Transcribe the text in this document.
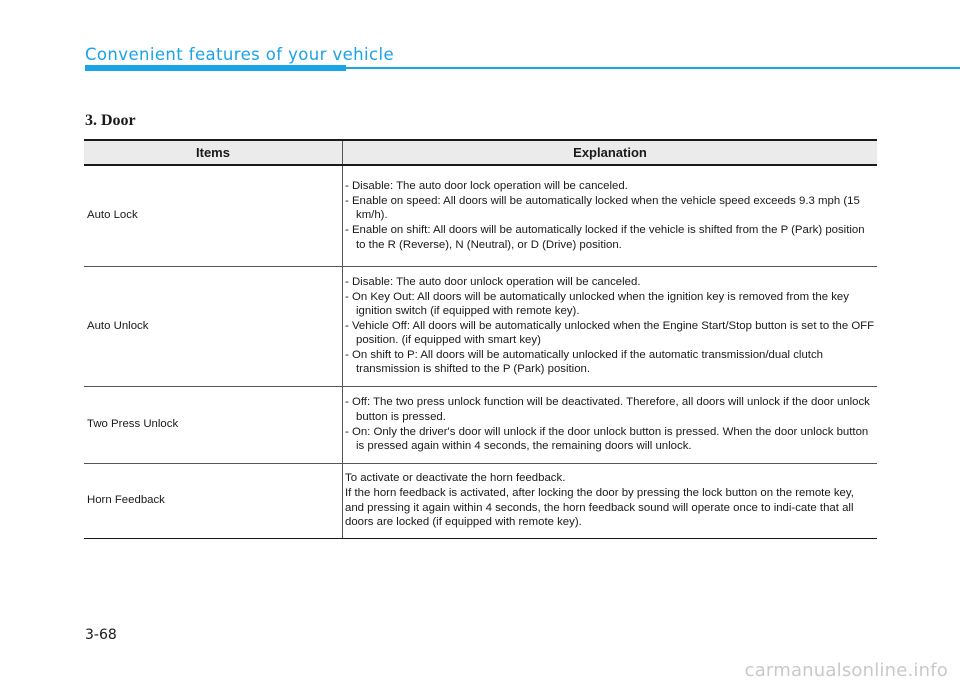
Convenient features of your vehicle
3. Door
Items	Explanation
Auto Lock	- Disable: The auto door lock operation will be canceled.
- Enable on speed: All doors will be automatically locked when the vehicle speed exceeds 9.3 mph (15 km/h).
- Enable on shift: All doors will be automatically locked if the vehicle is shifted from the P (Park) position to the R (Reverse), N (Neutral), or D (Drive) position.

Auto Unlock	- Disable: The auto door unlock operation will be canceled.
- On Key Out: All doors will be automatically unlocked when the ignition key is removed from the key ignition switch (if equipped with remote key).
- Vehicle Off: All doors will be automatically unlocked when the Engine Start/Stop button is set to the OFF position. (if equipped with smart key)
- On shift to P: All doors will be automatically unlocked if the automatic transmission/dual clutch transmission is shifted to the P (Park) position.

Two Press Unlock	- Off: The two press unlock function will be deactivated. Therefore, all doors will unlock if the door unlock button is pressed.
- On: Only the driver's door will unlock if the door unlock button is pressed. When the door unlock button is pressed again within 4 seconds, the remaining doors will unlock.

Horn Feedback	To activate or deactivate the horn feedback.

If the horn feedback is activated, after locking the door by pressing the lock button on the remote key, and pressing it again within 4 seconds, the horn feedback sound will operate once to indi-cate that all doors are locked (if equipped with remote key).

3-68
carmanualsonline.info
